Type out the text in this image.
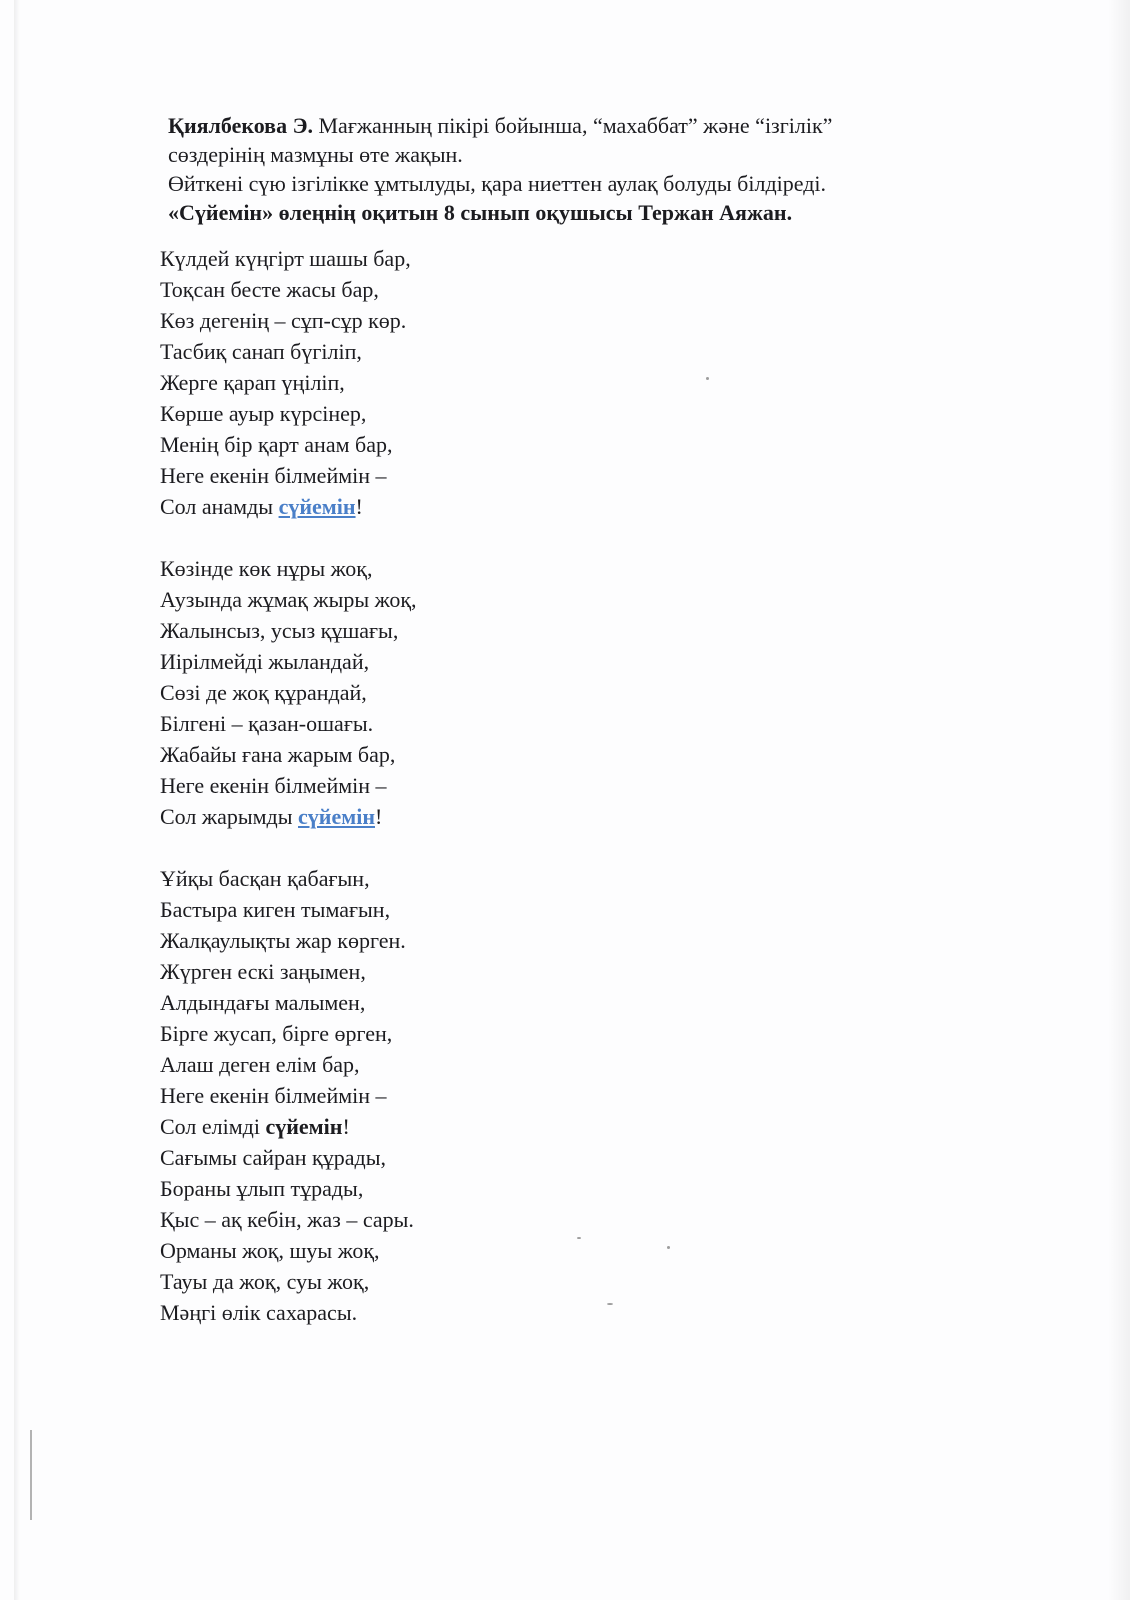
Қиялбекова Э. Мағжанның пікірі бойынша, “махаббат” және “ізгілік”

сөздерінің мазмұны өте жақын.

Өйткені сүю ізгілікке ұмтылуды, қара ниеттен аулақ болуды білдіреді.

«Сүйемін» өлеңнің оқитын 8 сынып оқушысы Тержан Аяжан.

Күлдей күңгірт шашы бар,
Тоқсан бесте жасы бар,
Көз дегенің – сұп-сұр көр.
Тасбиқ санап бүгіліп,
Жерге қарап үңіліп,
Көрше ауыр күрсінер,
Менің бір қарт анам бар,
Неге екенін білмеймін –
Сол анамды сүйемін!
Көзінде көк нұры жоқ,
Аузында жұмақ жыры жоқ,
Жалынсыз, усыз құшағы,
Иірілмейді жыландай,
Сөзі де жоқ құрандай,
Білгені – қазан-ошағы.
Жабайы ғана жарым бар,
Неге екенін білмеймін –
Сол жарымды сүйемін!
Ұйқы басқан қабағын,
Бастыра киген тымағын,
Жалқаулықты жар көрген.
Жүрген ескі заңымен,
Алдындағы малымен,
Бірге жусап, бірге өрген,
Алаш деген елім бар,
Неге екенін білмеймін –
Сол елімді сүйемін!
Сағымы сайран құрады,
Бораны ұлып тұрады,
Қыс – ақ кебін, жаз – сары.
Орманы жоқ, шуы жоқ,
Тауы да жоқ, суы жоқ,
Мәңгі өлік сахарасы.
